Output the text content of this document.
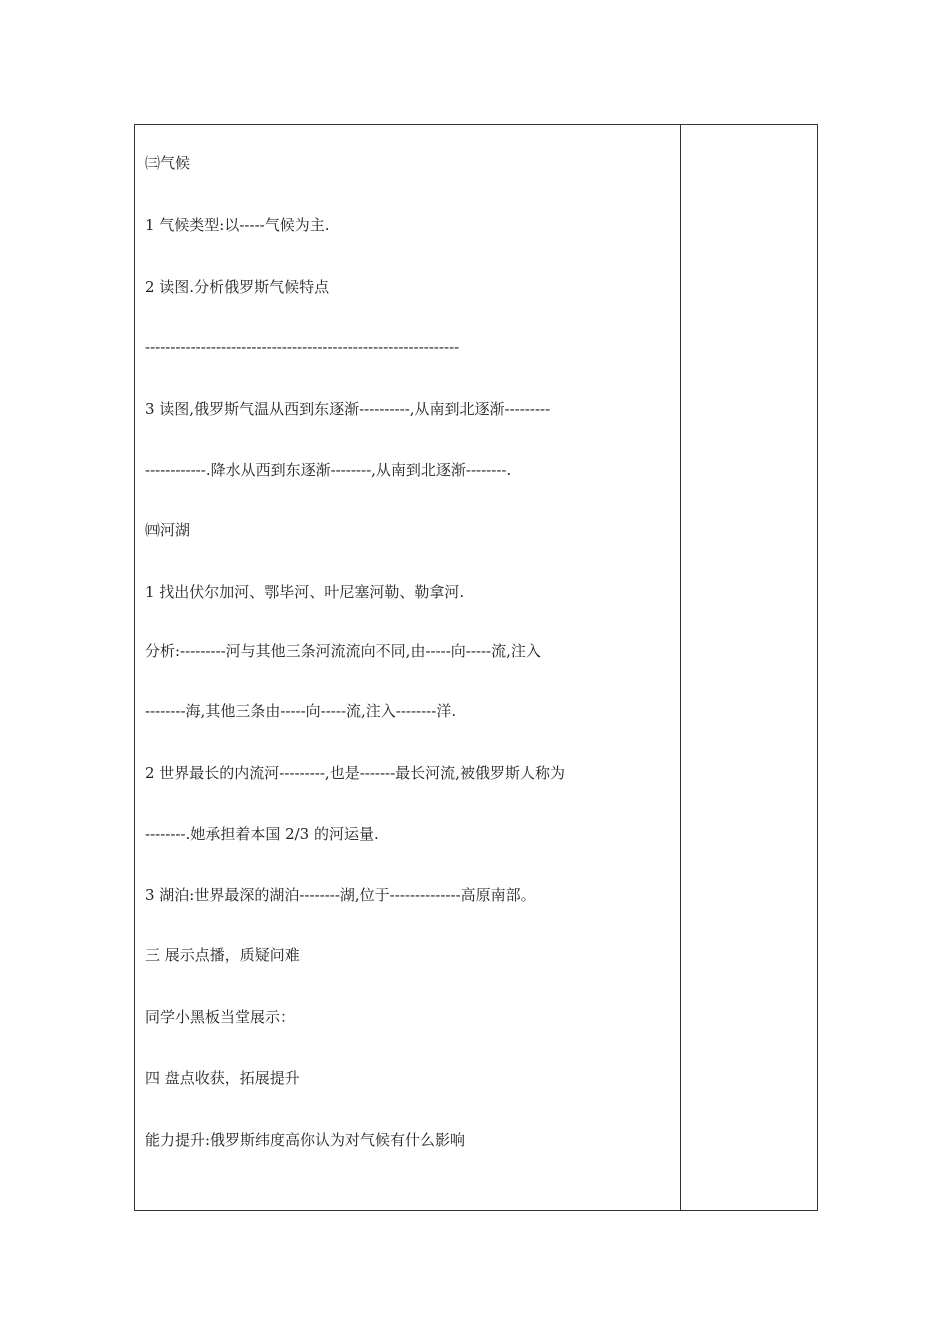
㈢气候
1 气候类型:以-----气候为主.
2 读图.分析俄罗斯气候特点
--------------------------------------------------------------
3 读图,俄罗斯气温从西到东逐渐----------,从南到北逐渐---------
------------.降水从西到东逐渐--------,从南到北逐渐--------.
㈣河湖
1 找出伏尔加河、鄂毕河、叶尼塞河勒、勒拿河.
分析:---------河与其他三条河流流向不同,由-----向-----流,注入
--------海,其他三条由-----向-----流,注入--------洋.
2 世界最长的内流河---------,也是-------最长河流,被俄罗斯人称为
--------.她承担着本国 2/3 的河运量.
3 湖泊:世界最深的湖泊--------湖,位于--------------高原南部。
三 展示点播，质疑问难
同学小黑板当堂展示：
四 盘点收获，拓展提升
能力提升:俄罗斯纬度高你认为对气候有什么影响
